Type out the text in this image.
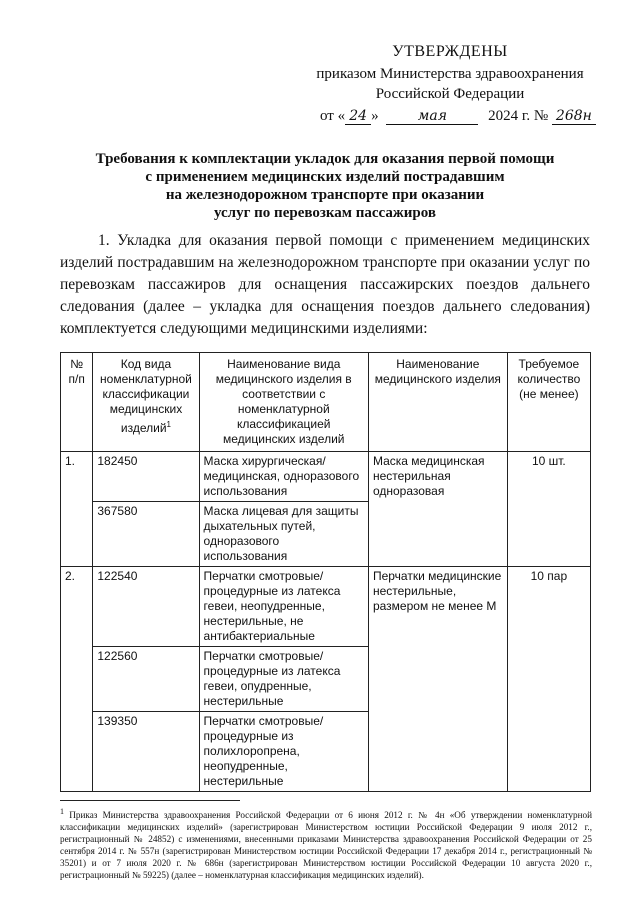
УТВЕРЖДЕНЫ
приказом Министерства здравоохранения
Российской Федерации
от « 24 »	мая	2024 г. № 268н
Требования к комплектации укладок для оказания первой помощи
с применением медицинских изделий пострадавшим
на железнодорожном транспорте при оказании
услуг по перевозкам пассажиров
1. Укладка для оказания первой помощи с применением медицинских изделий пострадавшим на железнодорожном транспорте при оказании услуг по перевозкам пассажиров для оснащения пассажирских поездов дальнего следования (далее – укладка для оснащения поездов дальнего следования) комплектуется следующими медицинскими изделиями:
№ п/п	Код вида номенклатурной классификации медицинских изделий$^1$	Наименование вида медицинского изделия в соответствии с номенклатурной классификацией медицинских изделий	Наименование медицинского изделия	Требуемое количество (не менее)
1.	182450	Маска хирургическая/ медицинская, одноразового использования	Маска медицинская нестерильная одноразовая	10 шт.
	367580	Маска лицевая для защиты дыхательных путей, одноразового использования		
2.	122540	Перчатки смотровые/ процедурные из латекса гевеи, неопудренные, нестерильные, не антибактериальные	Перчатки медицинские нестерильные, размером не менее М	10 пар
	122560	Перчатки смотровые/ процедурные из латекса гевеи, опудренные, нестерильные		
	139350	Перчатки смотровые/ процедурные из полихлоропрена, неопудренные, нестерильные		
$^1$ Приказ Министерства здравоохранения Российской Федерации от 6 июня 2012 г. № 4н «Об утверждении номенклатурной классификации медицинских изделий» (зарегистрирован Министерством юстиции Российской Федерации 9 июля 2012 г., регистрационный № 24852) с изменениями, внесенными приказами Министерства здравоохранения Российской Федерации от 25 сентября 2014 г. № 557н (зарегистрирован Министерством юстиции Российской Федерации 17 декабря 2014 г., регистрационный № 35201) и от 7 июля 2020 г. № 686н (зарегистрирован Министерством юстиции Российской Федерации 10 августа 2020 г., регистрационный № 59225) (далее – номенклатурная классификация медицинских изделий).
